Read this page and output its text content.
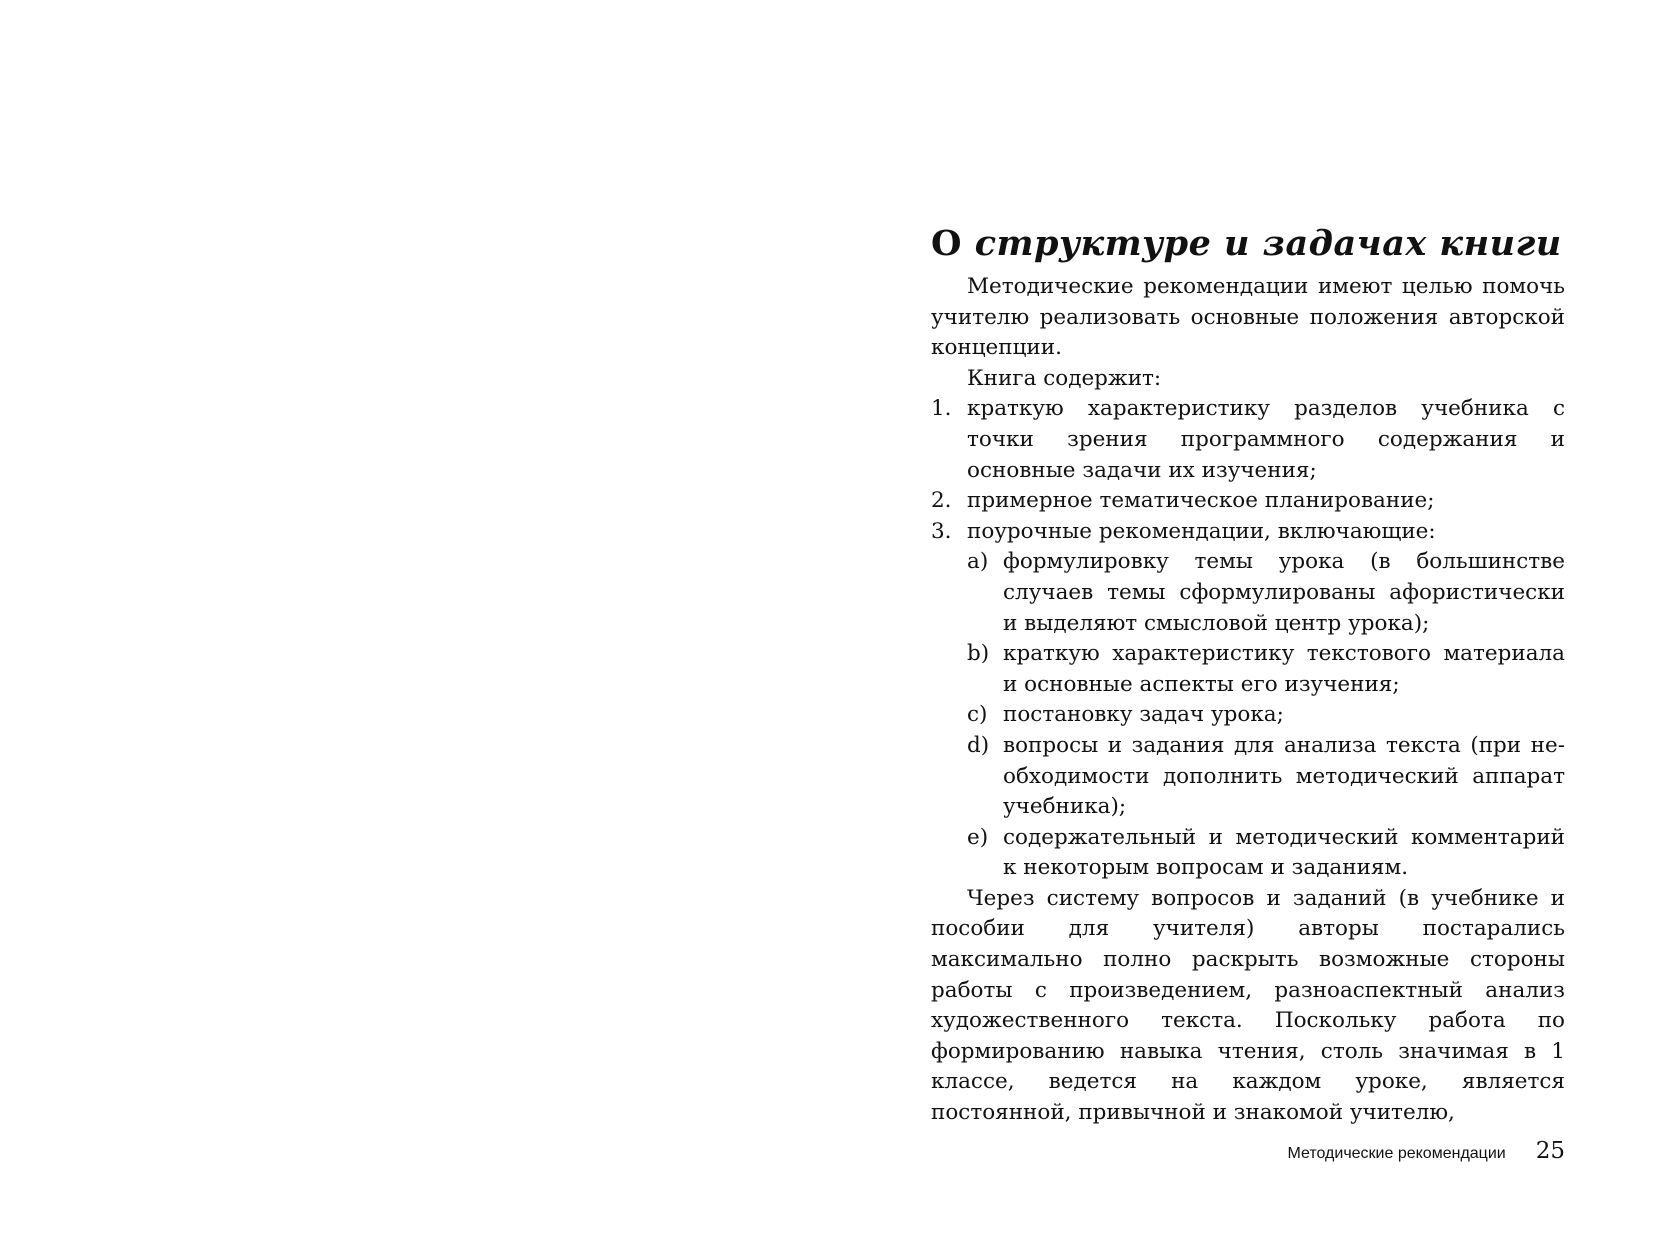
О структуре и задачах книги

Методические рекомендации имеют целью помочь учителю реализовать основные положения авторской концепции.

Книга содержит:

1. краткую характеристику разделов учебника с точки зрения программного содержания и основные задачи их изучения;
2. примерное тематическое планирование;
3. поурочные рекомендации, включающие:
a) формулировку темы урока (в большинстве случаев темы сформулированы афористически и выделяют смысловой центр урока);
b) краткую характеристику текстового материала и основные аспекты его изучения;
c) постановку задач урока;
d) вопросы и задания для анализа текста (при необходимости дополнить методический аппарат учебника);
e) содержательный и методический комментарий к некоторым вопросам и заданиям.

Через систему вопросов и заданий (в учебнике и пособии для учителя) авторы постарались максимально полно раскрыть возможные стороны работы с произведением, разноаспектный анализ художественного текста. Поскольку работа по формированию навыка чтения, столь значимая в 1 классе, ведется на каждом уроке, является постоянной, привычной и знакомой учителю,

Методические рекомендации 25
